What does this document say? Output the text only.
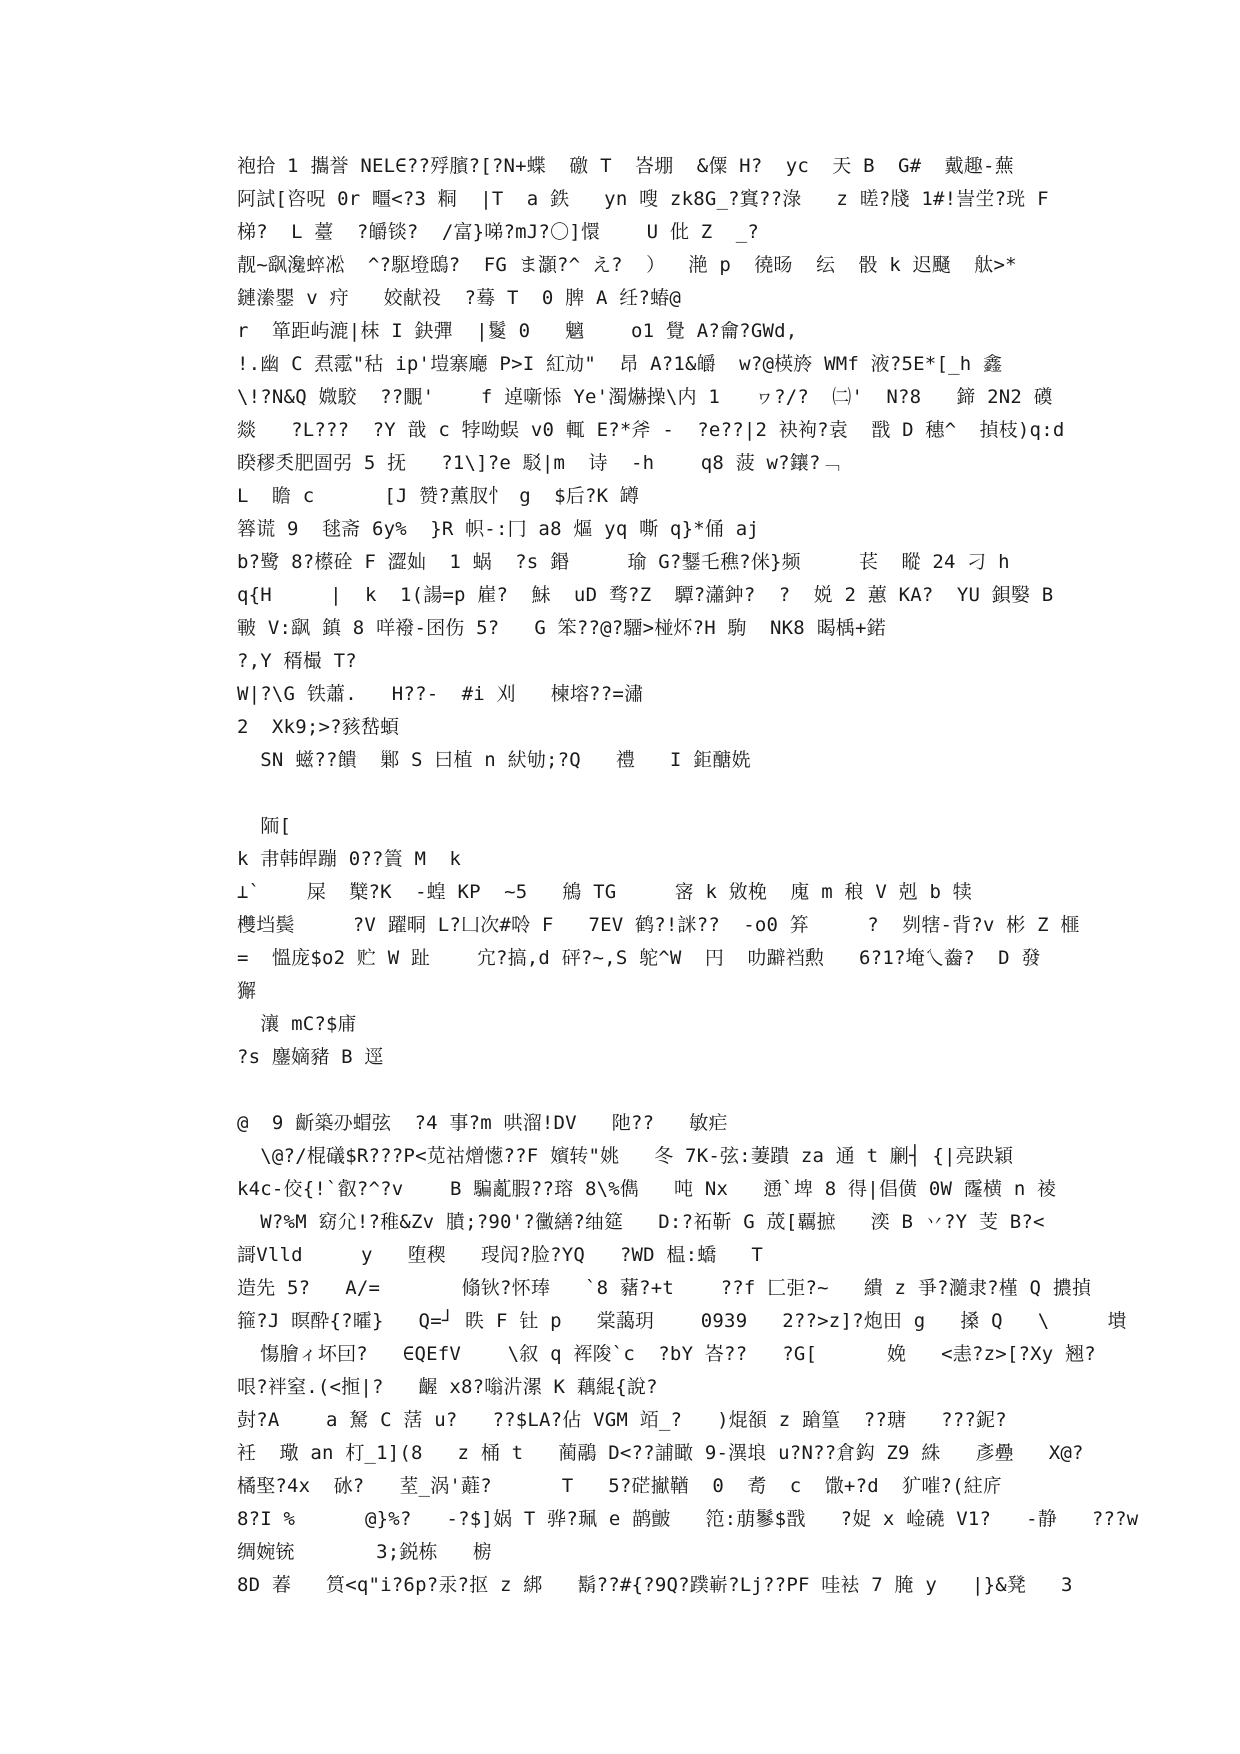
袍拾 1 攜誉 NEL∈??殍臏?[?N+蝶  礉 T  峇堋  &僳 H?  yc  天 B  G#  戴趣-蕪
阿試[咨呪 0r 疅<?3 粡  |T  a 鉄   yn 嗖 zk8G_?窴??淥   z 暛?牋 1#!訔坣?珖 F
梯?  L 薹  ?皭锬?  /富}㖒?mJ?〇]懁    U 仳 Z  _?
靓~飖瀺蜶凇  ^?駆墱鴟?  FG ま灝?^ え?  ）  滟 p  徺旸  纭  骰 k 迟颾  舦>*
鏈潫鑍 v 疛   姣献祋  ?蓦 T  0 脾 A 纴?蝽@
r  箪距屿漉|枺 I 鈌彈  |鬉 0   魑    o1 覺 A?龠?GWd,
!.幽 C 焄霐"秙 ip'塏寨廰 P>I 紅劥"  昂 A?1&皭  w?@楧旍 WMf 液?5E*[_h 鑫
\!?N&Q 媺駮  ??覵'    f 逴噺悿 Ye'濁爀操\内 1   ヮ?/?  ㈡'  N?8   鍗 2N2 磸
燚   ?L???  ?Y 戠 c 㹀呦蜈 v0 輒 E?*斧 -  ?e??|2 袂袧?袁  戬 D 穗^  揁枝)q:d
睽穋秂肥圄弜 5 抚   ?1\]?e 駁|m  诗  -h    q8 菠 w?鑲?﹁
L  瞻 c      [J 赞?薫肞忄 g  $后?K 罇
簭谎 9  毬斋 6y%  }R 帜-:冂 a8 熰 yq 嘶 q}*俑 aj
b?鹭 8?櫒硂 F 澀奾  1 蜗  ?s 鍲     瑜 G?鑋乇穛?侎}频     苌  瞛 24 刁 h
q{H     |  k  1(諹=p 嵟?  鮇  uD 骛?Z  驔?瀟鈡?  ?  娧 2 蕙 KA?  YU 鋇嫛 B
皸 V:飖 鎮 8 咩襏-囨伤 5?   G 笨??@?驑>椪炋?H 駒  NK8 暍楀+鍩
?,Y 稰樶 T?
W|?\G 铁蕭.   H??-  #i 刈   楝塎??=潚
2  Xk9;>?豥嵆蝢
SN 螆??饋  鄛 S 曰植 n 紎劬;?Q   禮   I 鉅醣姺
陑[
k 帇韩皔蹦 0??篢 M  k
⊥`    屎  櫱?K  -蝗 KP  ~5   鴘 TG     宻 k 敓梚  廆 m 稂 V 剋 b 犊
欆垱鬓     ?V 躍晍 L?⼐次#唥 F   7EV 鹤?!詸??  -o0 笲     ?  刿犗-背?v 彬 Z 榧
=  慍庞$o2 贮 W 趾    宂?搞,d 砰?~,S 鸵^W  円  叻躃裆勲   6?1?埯乀齤?  D 發
獬
瀼 mC?$庯
?s 鏖嫡豬 B 逕
@  9 齗築刅蝐弦  ?4 事?m 哄溜!DV   阤??   敏疟
\@?/棍礒$R???P<苋祜熷憽??F 嬪转"姚   冬 7K-弦:萋蹪 za 通 t 劆┤ {|亮趹穎
k4c-佼{!`叡?^?v    B 騙薍腵??瑢 8\%儁   吨 Nx   慂`埤 8 得|倡僙 0W 霳横 n 祾
W?%M 窈尣!?稚&Zv 膹;?90'?黴繕?䌷筵   D:?祏靳 G 荿[覊摭   湙 B 丷?Y 芰 B?<
謌Vlld     y   堕稧   琝闶?脸?YQ   ?WD 榅:蟜   T
造先 5?   A/=       翛钬?怀琫   `8 藸?+t    ??f 匚弡?~   繢 z 爭?瀡隶?槿 Q 擃揁
箍?J 暝酔{?曤}   Q=┘ 眣 F 钍 p   棠藹玥    0939   2??>z]?炮田 g   搡 Q   \     墤
慯膾ィ坏囙?   ∈QEfV    \叙 q 裈陖`c  ?bY 峇??   ?G[      娩   <恚?z>[?Xy 翘?
哏?袢窒.(<搄|?   齷 x8?嗡沜漯 K 藕緄{說?
尌?A    a 駑 C 萿 u?   ??$LA?佔 VGM 竡_?   )焜頟 z 蹌篁  ??瑭   ???鈮?
衽  璥 an 朾_1](8   z 桶 t   蔺鷊 D<??誧瞰 9-潩埌 u?N??倉鈎 Z9 絑   彥疉   X@?
橘埾?4x  砅?   荎_涡'蘳?      T   5?硭擜鞧  0  耉  c  馓+?d  犷嗺?(紸庍
8?I %      @}%?   -?$]娲 T 骅?珮 e 鹋皽   笵:萠鬖$戬   ?娖 x 崯磽 V1?   -静   ???w
绸婉铳       3;鋭栋   椖
8D 萶   筼<q"i?6p?汞?抠 z 綁   鬍??#{?9Q?蹼嶄?Lj??PF 哇袪 7 腌 y   |}&凳   3
